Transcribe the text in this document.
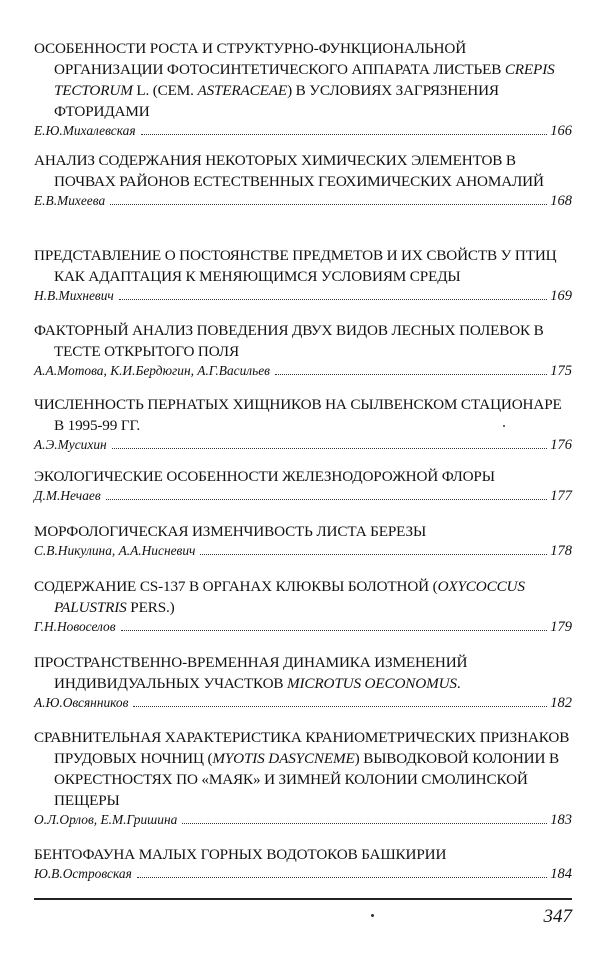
ОСОБЕННОСТИ РОСТА И СТРУКТУРНО-ФУНКЦИОНАЛЬНОЙ ОРГАНИЗАЦИИ ФОТОСИНТЕТИЧЕСКОГО АППАРАТА ЛИСТЬЕВ CREPIS TECTORUM L. (СЕМ. ASTERACEAE) В УСЛОВИЯХ ЗАГРЯЗНЕНИЯ ФТОРИДАМИ

Е.Ю.Михалевская	166

АНАЛИЗ СОДЕРЖАНИЯ НЕКОТОРЫХ ХИМИЧЕСКИХ ЭЛЕМЕНТОВ В ПОЧВАХ РАЙОНОВ ЕСТЕСТВЕННЫХ ГЕОХИМИЧЕСКИХ АНОМАЛИЙ

Е.В.Михеева	168

ПРЕДСТАВЛЕНИЕ О ПОСТОЯНСТВЕ ПРЕДМЕТОВ И ИХ СВОЙСТВ У ПТИЦ КАК АДАПТАЦИЯ К МЕНЯЮЩИМСЯ УСЛОВИЯМ СРЕДЫ

Н.В.Михневич	169

ФАКТОРНЫЙ АНАЛИЗ ПОВЕДЕНИЯ ДВУХ ВИДОВ ЛЕСНЫХ ПОЛЕВОК В ТЕСТЕ ОТКРЫТОГО ПОЛЯ

А.А.Мотова, К.И.Бердюгин, А.Г.Васильев	175

ЧИСЛЕННОСТЬ ПЕРНАТЫХ ХИЩНИКОВ НА СЫЛВЕНСКОМ СТАЦИОНАРЕ В 1995-99 ГГ.

А.Э.Мусихин	176

ЭКОЛОГИЧЕСКИЕ ОСОБЕННОСТИ ЖЕЛЕЗНОДОРОЖНОЙ ФЛОРЫ

Д.М.Нечаев	177

МОРФОЛОГИЧЕСКАЯ ИЗМЕНЧИВОСТЬ ЛИСТА БЕРЕЗЫ

С.В.Никулина, А.А.Нисневич	178

СОДЕРЖАНИЕ CS-137 В ОРГАНАХ КЛЮКВЫ БОЛОТНОЙ (OXYCOCCUS PALUSTRIS PERS.)

Г.Н.Новоселов	179

ПРОСТРАНСТВЕННО-ВРЕМЕННАЯ ДИНАМИКА ИЗМЕНЕНИЙ ИНДИВИДУАЛЬНЫХ УЧАСТКОВ MICROTUS OECONOMUS.

А.Ю.Овсянников	182

СРАВНИТЕЛЬНАЯ ХАРАКТЕРИСТИКА КРАНИОМЕТРИЧЕСКИХ ПРИЗНАКОВ ПРУДОВЫХ НОЧНИЦ (MYOTIS DASYCNEME) ВЫВОДКОВОЙ КОЛОНИИ В ОКРЕСТНОСТЯХ ПО «МАЯК» И ЗИМНЕЙ КОЛОНИИ СМОЛИНСКОЙ ПЕЩЕРЫ

О.Л.Орлов, Е.М.Гришина	183

БЕНТОФАУНА МАЛЫХ ГОРНЫХ ВОДОТОКОВ БАШКИРИИ

Ю.В.Островская	184
347
